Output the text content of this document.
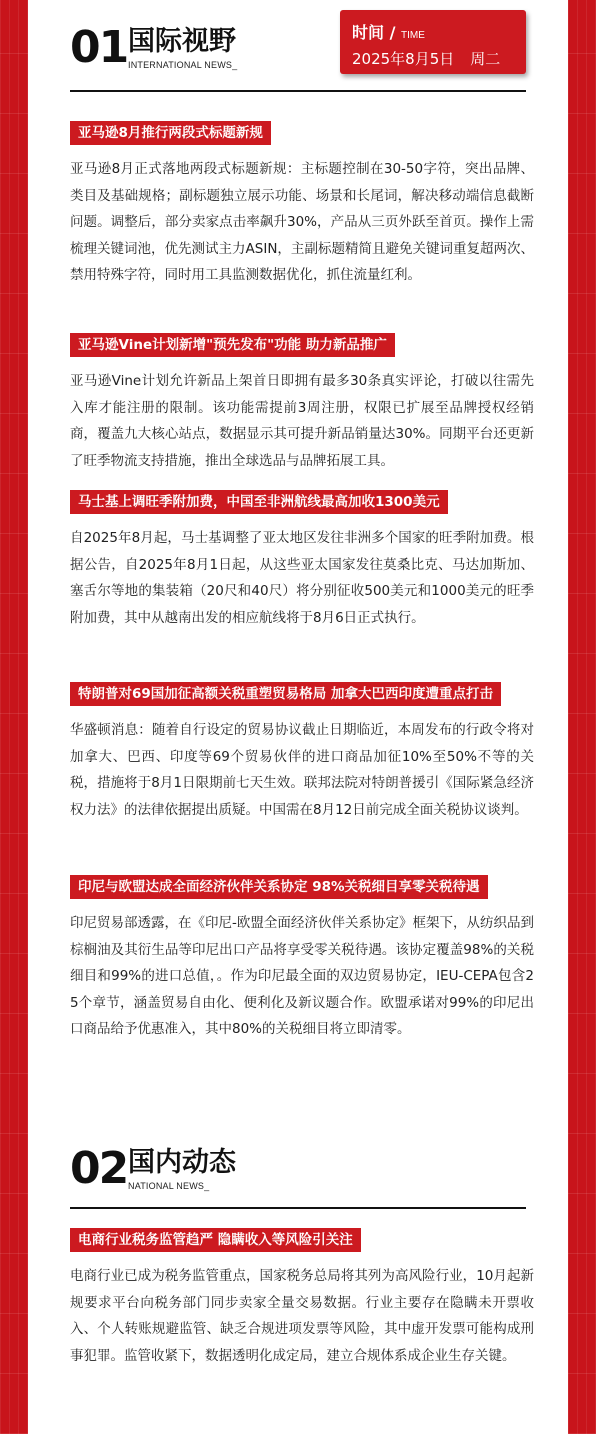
01 国际视野
INTERNATIONAL NEWS_
时间 / TIME
2025年8月5日 周二
亚马逊8月推行两段式标题新规

亚马逊8月正式落地两段式标题新规：主标题控制在30-50字符，突出品牌、类目及基础规格；副标题独立展示功能、场景和长尾词，解决移动端信息截断问题。调整后，部分卖家点击率飙升30%，产品从三页外跃至首页。操作上需梳理关键词池，优先测试主力ASIN，主副标题精简且避免关键词重复超两次、禁用特殊字符，同时用工具监测数据优化，抓住流量红利。

亚马逊Vine计划新增"预先发布"功能 助力新品推广

亚马逊Vine计划允许新品上架首日即拥有最多30条真实评论，打破以往需先入库才能注册的限制。该功能需提前3周注册，权限已扩展至品牌授权经销商，覆盖九大核心站点，数据显示其可提升新品销量达30%。同期平台还更新了旺季物流支持措施，推出全球选品与品牌拓展工具。

马士基上调旺季附加费，中国至非洲航线最高加收1300美元

自2025年8月起，马士基调整了亚太地区发往非洲多个国家的旺季附加费。根据公告，自2025年8月1日起，从这些亚太国家发往莫桑比克、马达加斯加、塞舌尔等地的集装箱（20尺和40尺）将分别征收500美元和1000美元的旺季附加费，其中从越南出发的相应航线将于8月6日正式执行。

特朗普对69国加征高额关税重塑贸易格局 加拿大巴西印度遭重点打击

华盛顿消息：随着自行设定的贸易协议截止日期临近，本周发布的行政令将对加拿大、巴西、印度等69个贸易伙伴的进口商品加征10%至50%不等的关税，措施将于8月1日限期前七天生效。联邦法院对特朗普援引《国际紧急经济权力法》的法律依据提出质疑。中国需在8月12日前完成全面关税协议谈判。

印尼与欧盟达成全面经济伙伴关系协定 98%关税细目享零关税待遇

印尼贸易部透露，在《印尼-欧盟全面经济伙伴关系协定》框架下，从纺织品到棕榈油及其衍生品等印尼出口产品将享受零关税待遇。该协定覆盖98%的关税细目和99%的进口总值，。作为印尼最全面的双边贸易协定，IEU-CEPA包含25个章节，涵盖贸易自由化、便利化及新议题合作。欧盟承诺对99%的印尼出口商品给予优惠准入，其中80%的关税细目将立即清零。

02 国内动态
NATIONAL NEWS_
电商行业税务监管趋严 隐瞒收入等风险引关注

电商行业已成为税务监管重点，国家税务总局将其列为高风险行业，10月起新规要求平台向税务部门同步卖家全量交易数据。行业主要存在隐瞒未开票收入、个人转账规避监管、缺乏合规进项发票等风险，其中虚开发票可能构成刑事犯罪。监管收紧下，数据透明化成定局，建立合规体系成企业生存关键。
